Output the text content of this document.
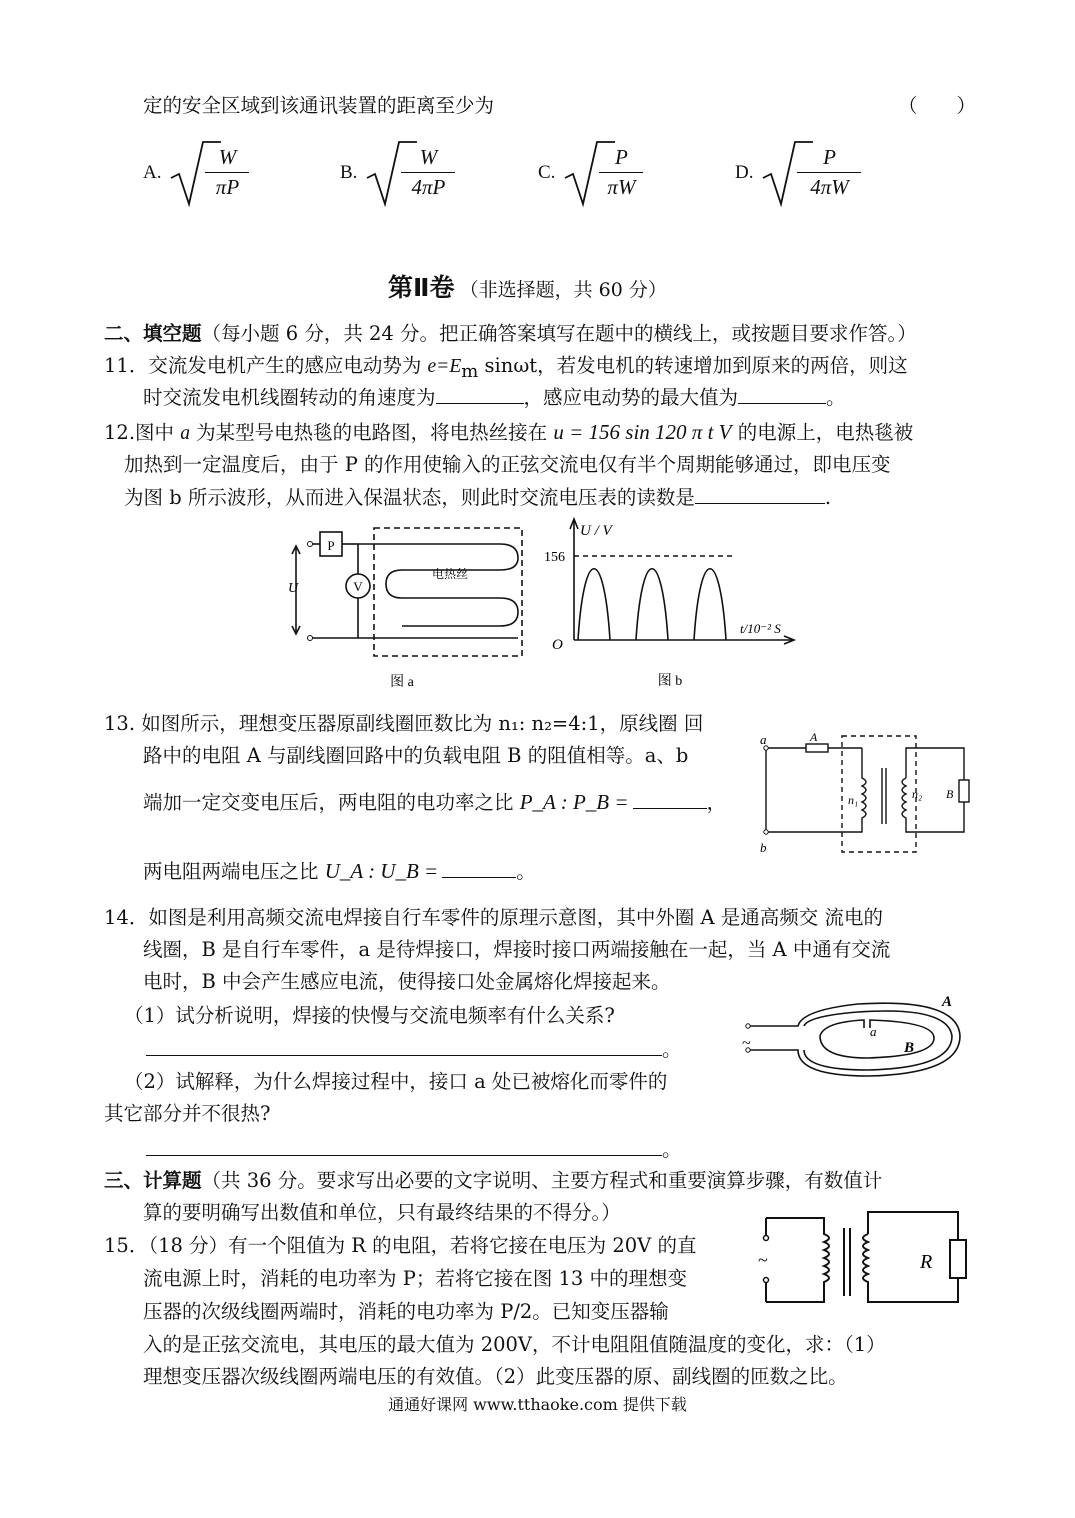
定的安全区域到该通讯装置的距离至少为	（　　）
A.
W
πP
B.
W
4πP
C.
P
πW
D.
P
4πW
第Ⅱ卷 （非选择题，共 60 分）
二、填空题（每小题 6 分，共 24 分。把正确答案填写在题中的横线上，或按题目要求作答。）
11．交流发电机产生的感应电动势为 $e=E_m$ sinωt，若发电机的转速增加到原来的两倍，则这
时交流发电机线圈转动的角速度为	，感应电动势的最大值为	。
12.图中 a 为某型号电热毯的电路图，将电热丝接在 u = 156 sin 120 π t V 的电源上，电热毯被
加热到一定温度后，由于 P 的作用使输入的正弦交流电仅有半个周期能够通过，即电压变
为图 b 所示波形，从而进入保温状态，则此时交流电压表的读数是	.
P
V
U
电热丝
图 a
U / V
156
O
t/10⁻² S
图 b
13. 如图所示，理想变压器原副线圈匝数比为 n₁: n₂=4:1，原线圈 回
路中的电阻 A 与副线圈回路中的负载电阻 B 的阻值相等。a、b
端加一定交变电压后，两电阻的电功率之比 P_A : P_B =	，
两电阻两端电压之比 U_A : U_B =	。
a
b
A
n₁	n₂ B
14．如图是利用高频交流电焊接自行车零件的原理示意图，其中外圈 A 是通高频交 流电的
线圈，B 是自行车零件，a 是待焊接口，焊接时接口两端接触在一起，当 A 中通有交流
电时，B 中会产生感应电流，使得接口处金属熔化焊接起来。
（1）试分析说明，焊接的快慢与交流电频率有什么关系?
。
（2）试解释，为什么焊接过程中，接口 a 处已被熔化而零件的
其它部分并不很热?
。
~
A
B
a
三、计算题（共 36 分。要求写出必要的文字说明、主要方程式和重要演算步骤，有数值计
算的要明确写出数值和单位，只有最终结果的不得分。）
15．（18 分）有一个阻值为 R 的电阻，若将它接在电压为 20V 的直
流电源上时，消耗的电功率为 P；若将它接在图 13 中的理想变
压器的次级线圈两端时，消耗的电功率为 P/2。已知变压器输
入的是正弦交流电，其电压的最大值为 200V，不计电阻阻值随温度的变化，求：（1）
理想变压器次级线圈两端电压的有效值。（2）此变压器的原、副线圈的匝数之比。
~	R
通通好课网 www.tthaoke.com 提供下载
